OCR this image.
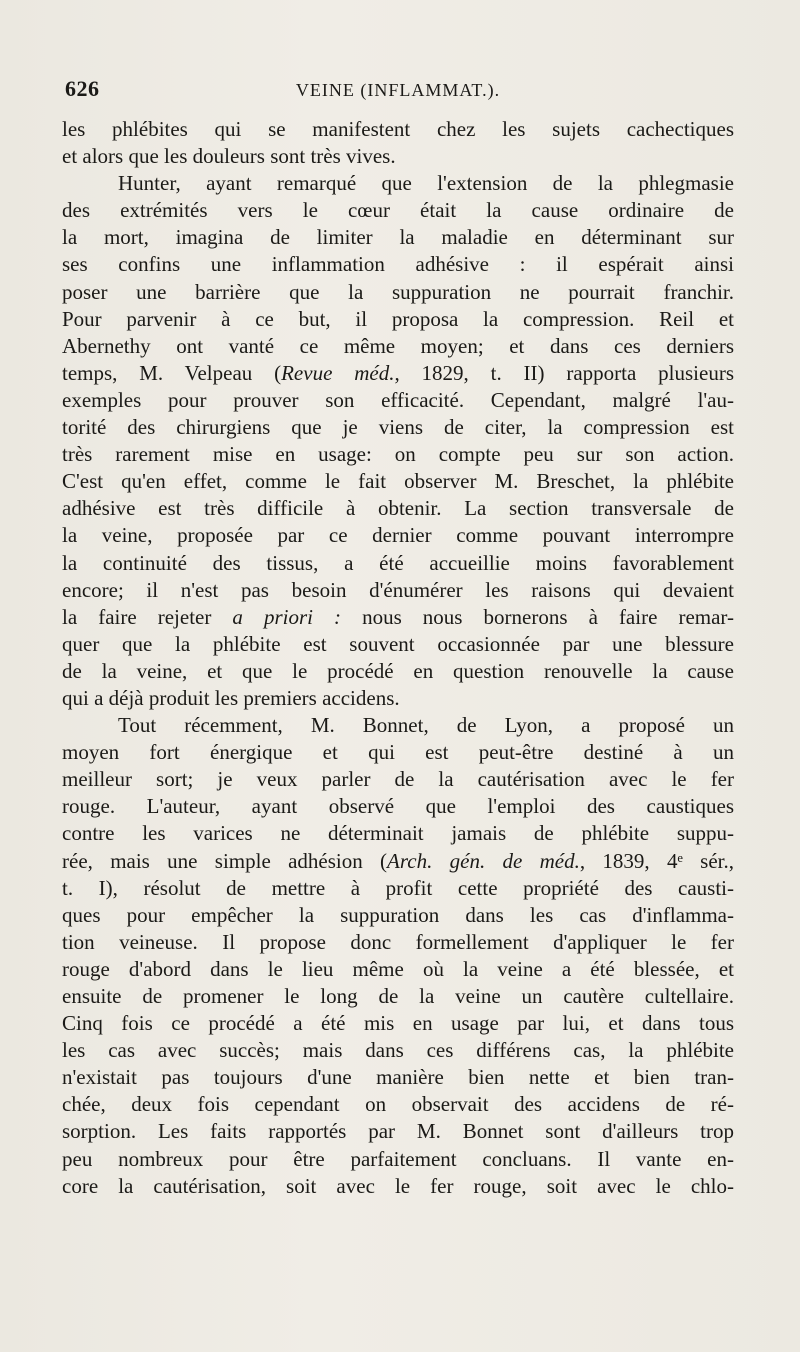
626	VEINE (INFLAMMAT.).
les phlébites qui se manifestent chez les sujets cachectiques
et alors que les douleurs sont très vives.
Hunter, ayant remarqué que l'extension de la phlegmasie
des extrémités vers le cœur était la cause ordinaire de
la mort, imagina de limiter la maladie en déterminant sur
ses confins une inflammation adhésive : il espérait ainsi
poser une barrière que la suppuration ne pourrait franchir.
Pour parvenir à ce but, il proposa la compression. Reil et
Abernethy ont vanté ce même moyen; et dans ces derniers
temps, M. Velpeau (Revue méd., 1829, t. II) rapporta plusieurs
exemples pour prouver son efficacité. Cependant, malgré l'au-
torité des chirurgiens que je viens de citer, la compression est
très rarement mise en usage: on compte peu sur son action.
C'est qu'en effet, comme le fait observer M. Breschet, la phlébite
adhésive est très difficile à obtenir. La section transversale de
la veine, proposée par ce dernier comme pouvant interrompre
la continuité des tissus, a été accueillie moins favorablement
encore; il n'est pas besoin d'énumérer les raisons qui devaient
la faire rejeter a priori : nous nous bornerons à faire remar-
quer que la phlébite est souvent occasionnée par une blessure
de la veine, et que le procédé en question renouvelle la cause
qui a déjà produit les premiers accidens.
Tout récemment, M. Bonnet, de Lyon, a proposé un
moyen fort énergique et qui est peut-être destiné à un
meilleur sort; je veux parler de la cautérisation avec le fer
rouge. L'auteur, ayant observé que l'emploi des caustiques
contre les varices ne déterminait jamais de phlébite suppu-
rée, mais une simple adhésion (Arch. gén. de méd., 1839, 4ᵉ sér.,
t. I), résolut de mettre à profit cette propriété des causti-
ques pour empêcher la suppuration dans les cas d'inflamma-
tion veineuse. Il propose donc formellement d'appliquer le fer
rouge d'abord dans le lieu même où la veine a été blessée, et
ensuite de promener le long de la veine un cautère cultellaire.
Cinq fois ce procédé a été mis en usage par lui, et dans tous
les cas avec succès; mais dans ces différens cas, la phlébite
n'existait pas toujours d'une manière bien nette et bien tran-
chée, deux fois cependant on observait des accidens de ré-
sorption. Les faits rapportés par M. Bonnet sont d'ailleurs trop
peu nombreux pour être parfaitement concluans. Il vante en-
core la cautérisation, soit avec le fer rouge, soit avec le chlo-
